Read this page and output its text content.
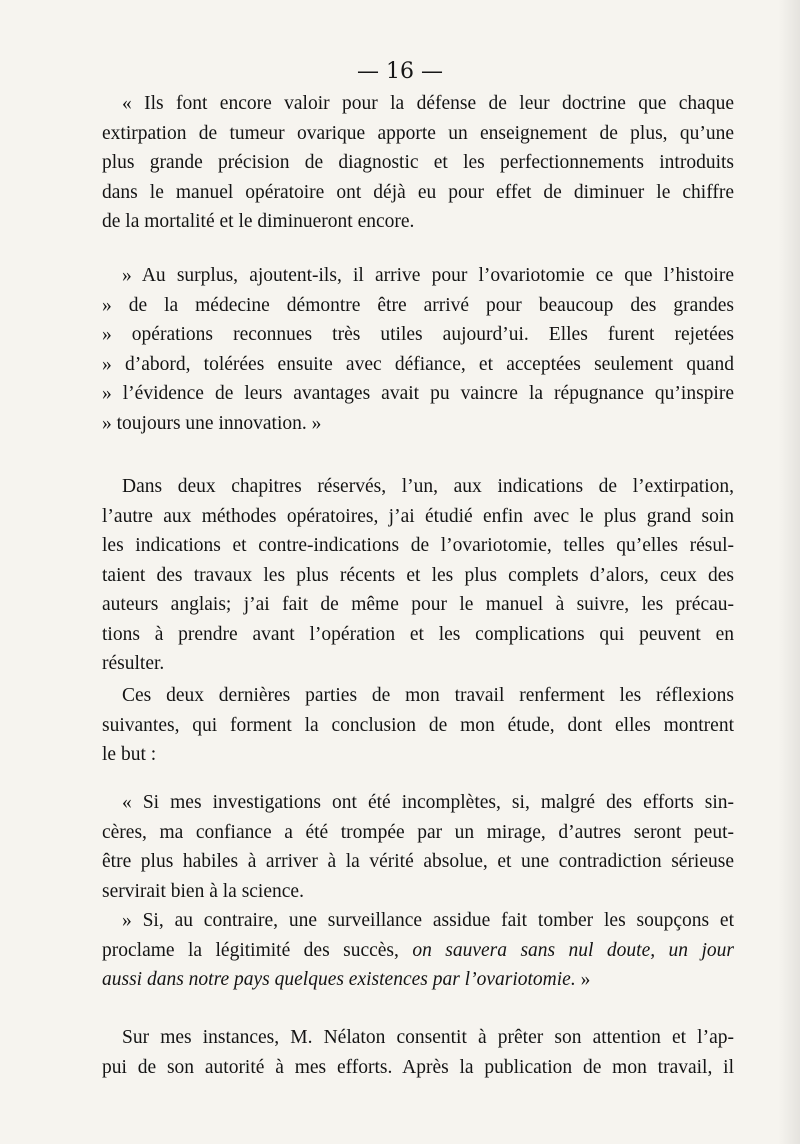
— 16 —
« Ils font encore valoir pour la défense de leur doctrine que chaque
extirpation de tumeur ovarique apporte un enseignement de plus, qu’une
plus grande précision de diagnostic et les perfectionnements introduits
dans le manuel opératoire ont déjà eu pour effet de diminuer le chiffre
de la mortalité et le diminueront encore.
» Au surplus, ajoutent-ils, il arrive pour l’ovariotomie ce que l’histoire
» de la médecine démontre être arrivé pour beaucoup des grandes
» opérations reconnues très utiles aujourd’ui. Elles furent rejetées
» d’abord, tolérées ensuite avec défiance, et acceptées seulement quand
» l’évidence de leurs avantages avait pu vaincre la répugnance qu’inspire
» toujours une innovation. »
Dans deux chapitres réservés, l’un, aux indications de l’extirpation,
l’autre aux méthodes opératoires, j’ai étudié enfin avec le plus grand soin
les indications et contre-indications de l’ovariotomie, telles qu’elles résul-
taient des travaux les plus récents et les plus complets d’alors, ceux des
auteurs anglais; j’ai fait de même pour le manuel à suivre, les précau-
tions à prendre avant l’opération et les complications qui peuvent en
résulter.
Ces deux dernières parties de mon travail renferment les réflexions
suivantes, qui forment la conclusion de mon étude, dont elles montrent
le but :
« Si mes investigations ont été incomplètes, si, malgré des efforts sin-
cères, ma confiance a été trompée par un mirage, d’autres seront peut-
être plus habiles à arriver à la vérité absolue, et une contradiction sérieuse
servirait bien à la science.
» Si, au contraire, une surveillance assidue fait tomber les soupçons et
proclame la légitimité des succès, on sauvera sans nul doute, un jour
aussi dans notre pays quelques existences par l’ovariotomie. »
Sur mes instances, M. Nélaton consentit à prêter son attention et l’ap-
pui de son autorité à mes efforts. Après la publication de mon travail, il
